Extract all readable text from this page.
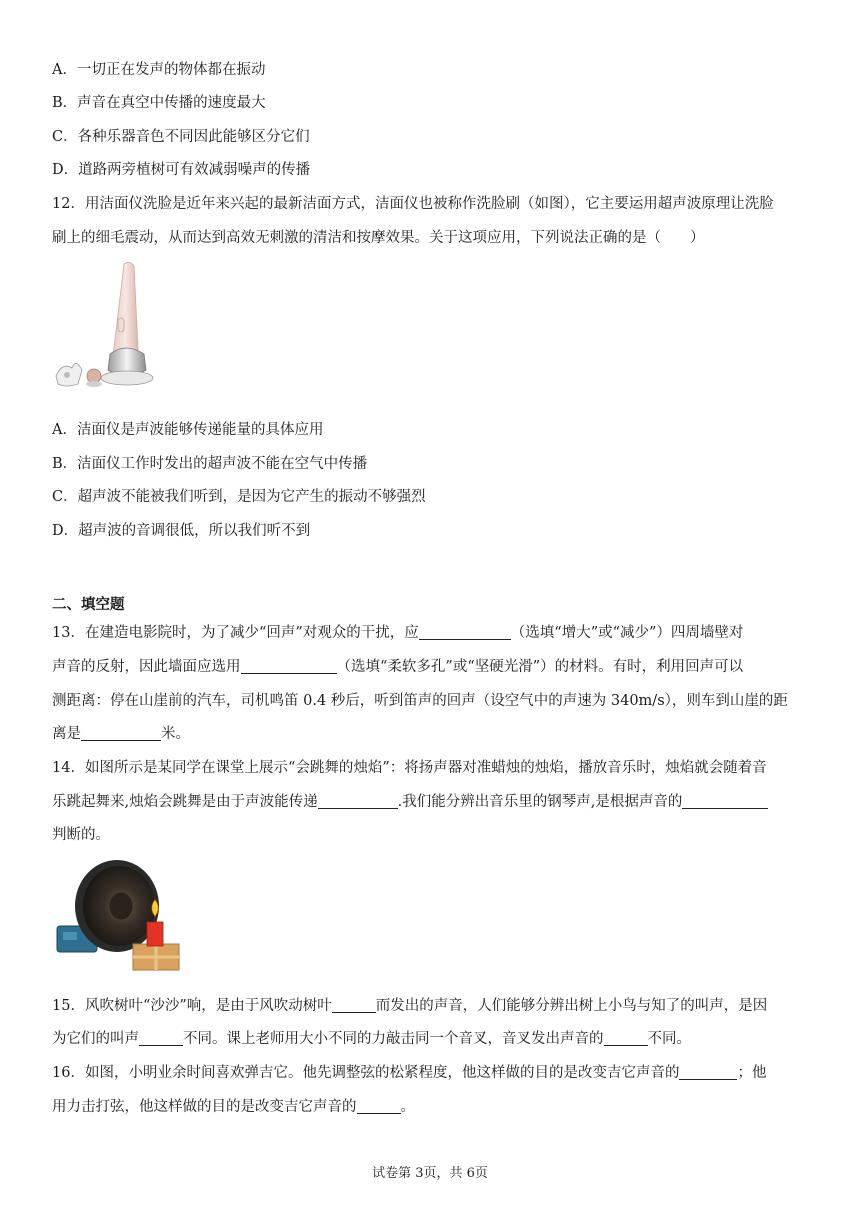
A．一切正在发声的物体都在振动
B．声音在真空中传播的速度最大
C．各种乐器音色不同因此能够区分它们
D．道路两旁植树可有效减弱噪声的传播
12．用洁面仪洗脸是近年来兴起的最新洁面方式，洁面仪也被称作洗脸刷（如图），它主要运用超声波原理让洗脸
刷上的细毛震动，从而达到高效无刺激的清洁和按摩效果。关于这项应用，下列说法正确的是（　　）
A．洁面仪是声波能够传递能量的具体应用
B．洁面仪工作时发出的超声波不能在空气中传播
C．超声波不能被我们听到，是因为它产生的振动不够强烈
D．超声波的音调很低，所以我们听不到
二、填空题
13．在建造电影院时，为了减少“回声”对观众的干扰，应	（选填“增大”或“减少”）四周墙壁对
声音的反射，因此墙面应选用	（选填“柔软多孔”或“坚硬光滑”）的材料。有时，利用回声可以
测距离：停在山崖前的汽车，司机鸣笛 0.4 秒后，听到笛声的回声（设空气中的声速为 340m/s），则车到山崖的距
离是	米。
14．如图所示是某同学在课堂上展示“会跳舞的烛焰”：将扬声器对准蜡烛的烛焰，播放音乐时，烛焰就会随着音
乐跳起舞来,烛焰会跳舞是由于声波能传递	.我们能分辨出音乐里的钢琴声,是根据声音的
判断的。
15．风吹树叶“沙沙”响，是由于风吹动树叶	而发出的声音，人们能够分辨出树上小鸟与知了的叫声，是因
为它们的叫声	不同。课上老师用大小不同的力敲击同一个音叉，音叉发出声音的	不同。
16．如图，小明业余时间喜欢弹吉它。他先调整弦的松紧程度，他这样做的目的是改变吉它声音的	；他
用力击打弦，他这样做的目的是改变吉它声音的	。
试卷第 3页，共 6页
